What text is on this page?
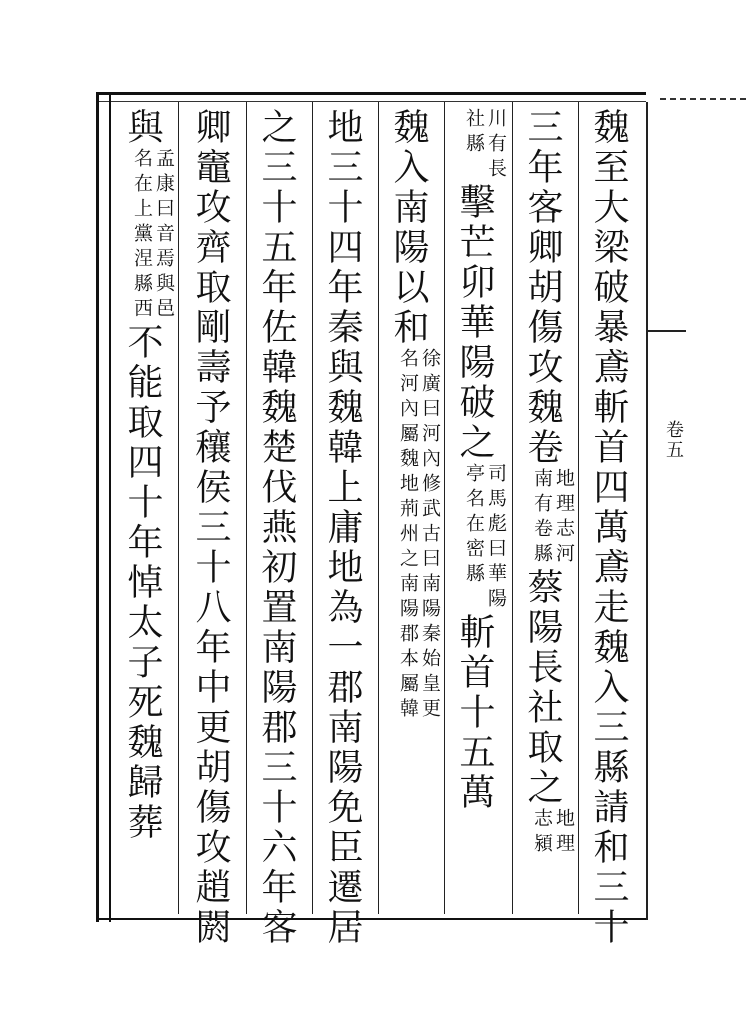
卷五
魏至大梁破暴鳶斬首四萬鳶走魏入三縣請和三十
三年客卿胡傷攻魏卷
地理志河
南有卷縣
蔡陽長社取之
地理
志潁
川有長
社縣
擊芒卯華陽破之
司馬彪曰華陽
亭名在密縣
斬首十五萬
魏入南陽以和
徐廣曰河內修武古曰南陽秦始皇更
名河內屬魏地荊州之南陽郡本屬韓
地三十四年秦與魏韓上庸地為一郡南陽免臣遷居
之三十五年佐韓魏楚伐燕初置南陽郡三十六年客
卿竈攻齊取剛壽予穰侯三十八年中更胡傷攻趙閼
與
孟康曰音焉與邑
名在上黨涅縣西
不能取四十年悼太子死魏歸葬
